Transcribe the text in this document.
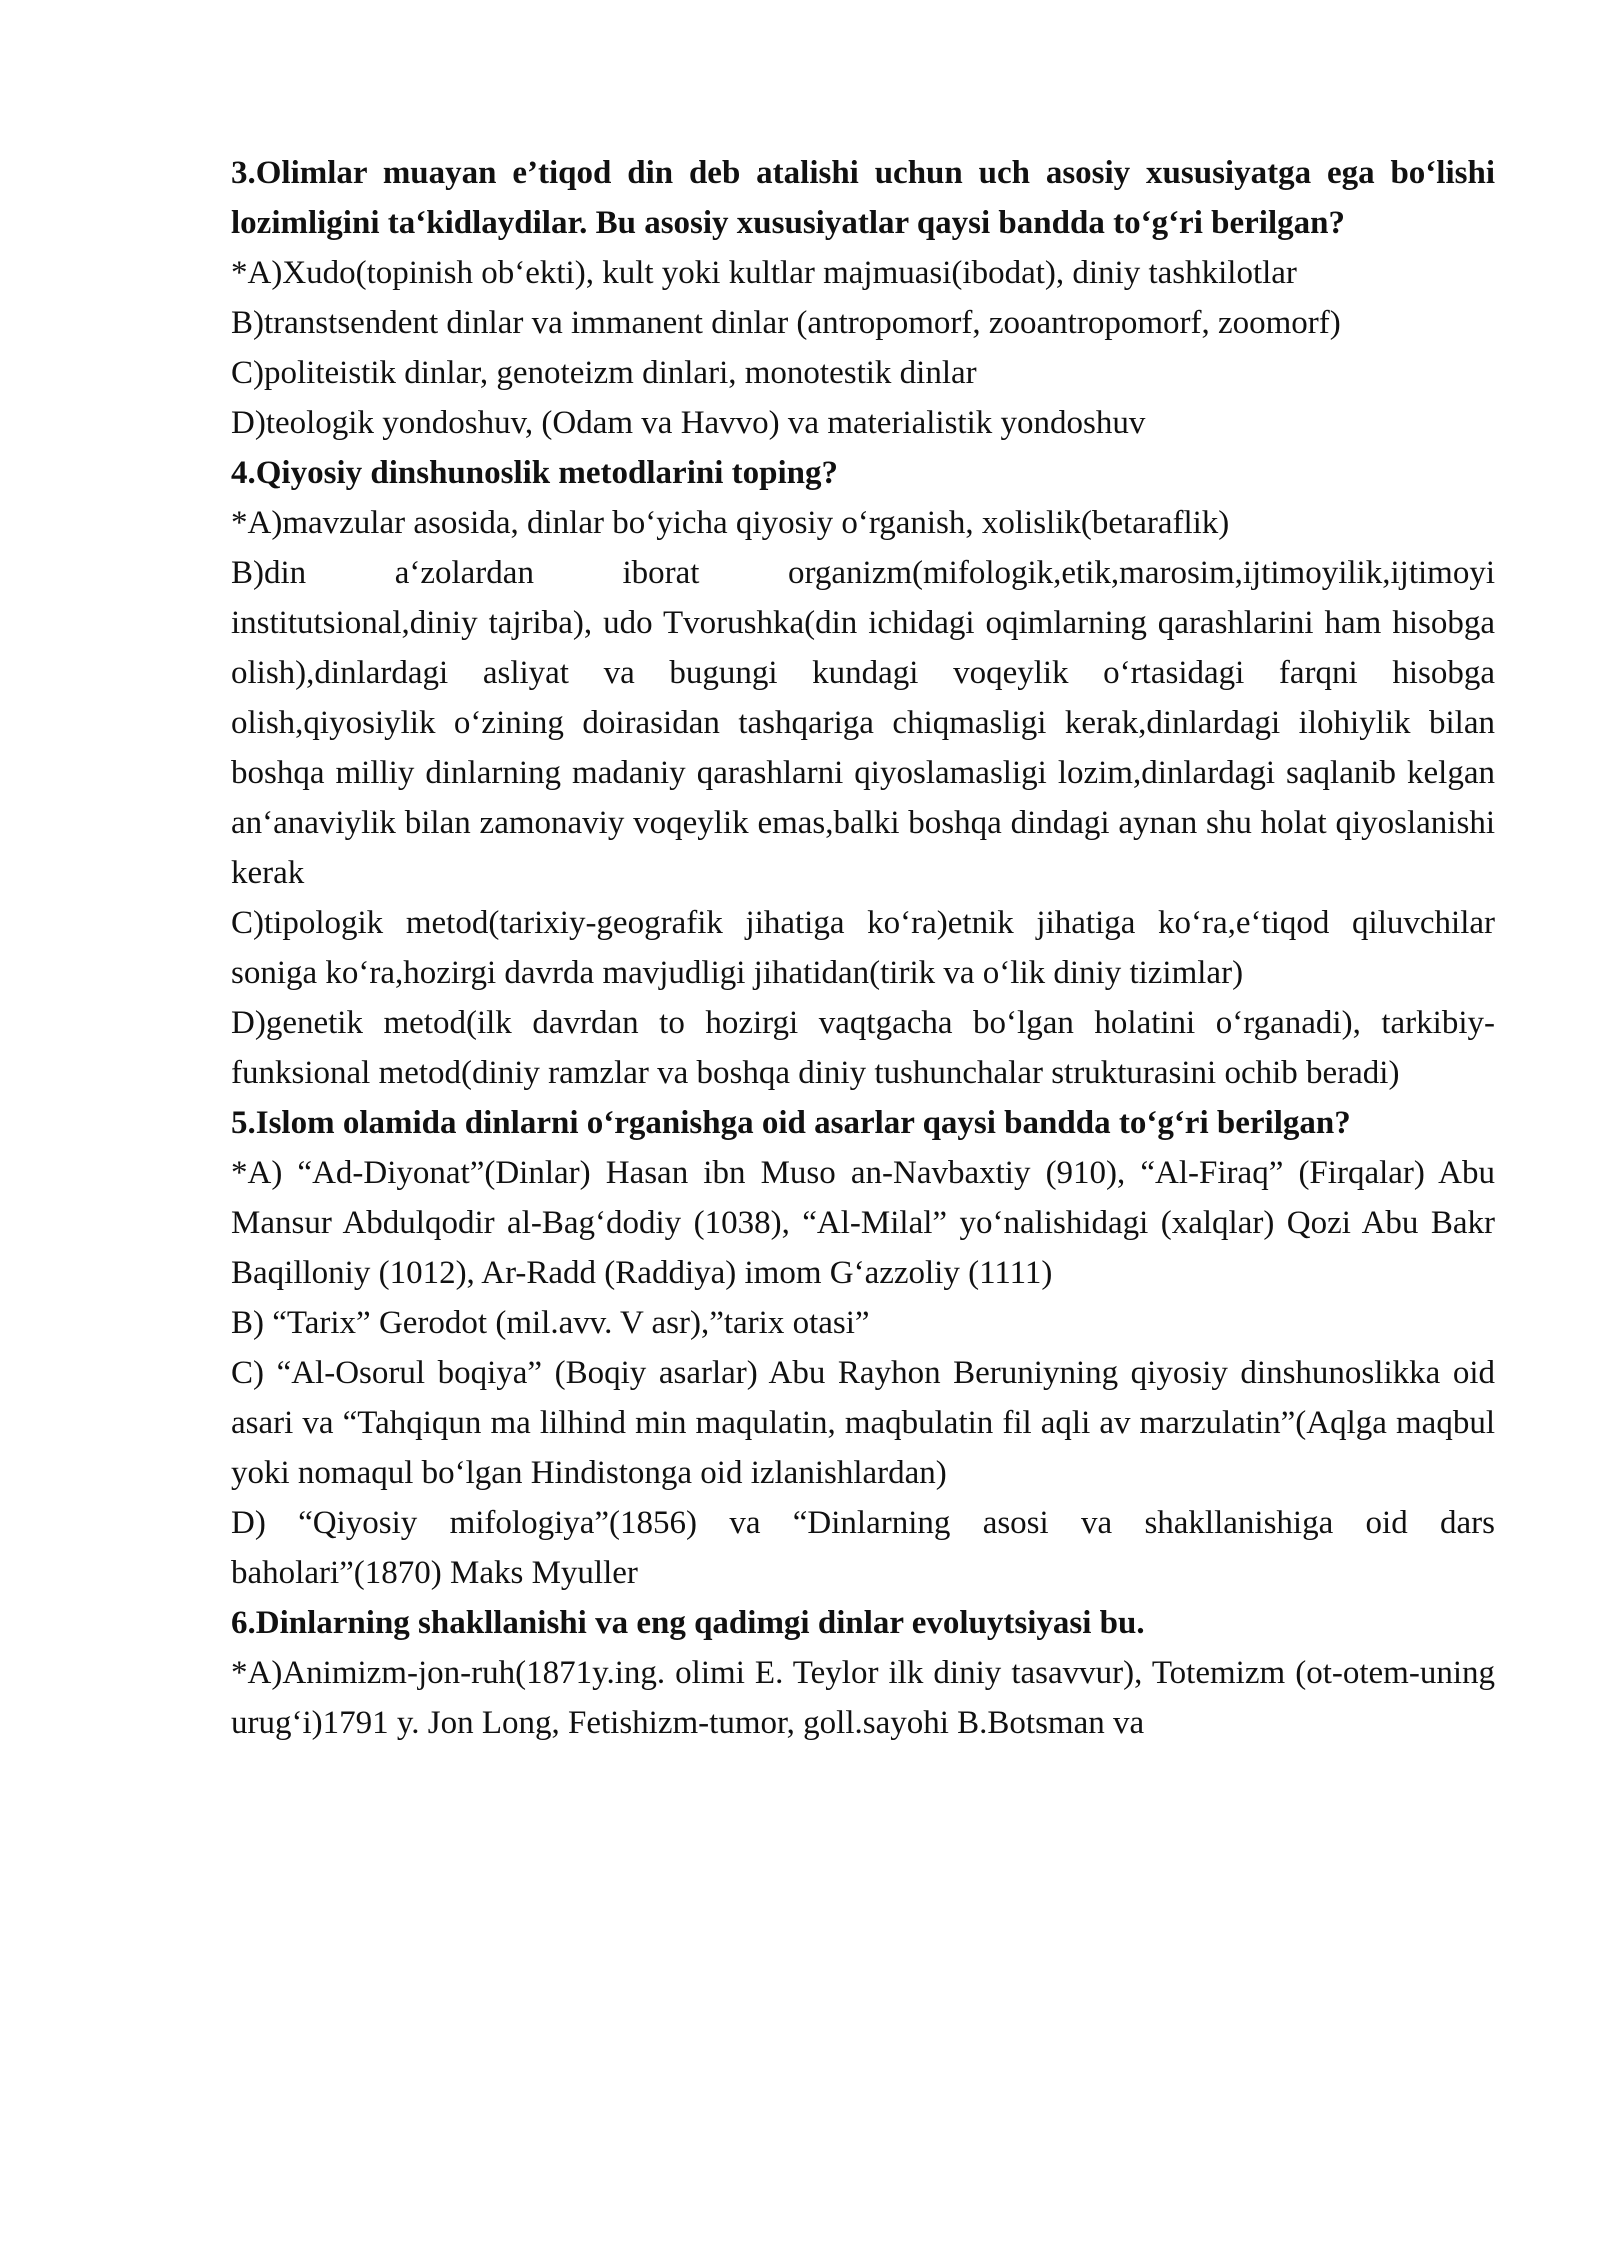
3.Olimlar muayan e’tiqod din deb atalishi uchun uch asosiy xususiyatga ega bo‘lishi lozimligini ta‘kidlaydilar. Bu asosiy xususiyatlar qaysi bandda to‘g‘ri berilgan?

*A)Xudo(topinish ob‘ekti), kult yoki kultlar majmuasi(ibodat), diniy tashkilotlar

B)transtsendent dinlar va immanent dinlar (antropomorf, zooantropomorf, zoomorf)

C)politeistik dinlar, genoteizm dinlari, monotestik dinlar

D)teologik yondoshuv, (Odam va Havvo) va materialistik yondoshuv

4.Qiyosiy dinshunoslik metodlarini toping?

*A)mavzular asosida, dinlar bo‘yicha qiyosiy o‘rganish, xolislik(betaraflik)

B)din a‘zolardan iborat organizm(mifologik,etik,marosim,ijtimoyilik,ijtimoyi institutsional,diniy tajriba), udo Tvorushka(din ichidagi oqimlarning qarashlarini ham hisobga olish),dinlardagi asliyat va bugungi kundagi voqeylik o‘rtasidagi farqni hisobga olish,qiyosiylik o‘zining doirasidan tashqariga chiqmasligi kerak,dinlardagi ilohiylik bilan boshqa milliy dinlarning madaniy qarashlarni qiyoslamasligi lozim,dinlardagi saqlanib kelgan an‘anaviylik bilan zamonaviy voqeylik emas,balki boshqa dindagi aynan shu holat qiyoslanishi kerak

C)tipologik metod(tarixiy-geografik jihatiga ko‘ra)etnik jihatiga ko‘ra,e‘tiqod qiluvchilar soniga ko‘ra,hozirgi davrda mavjudligi jihatidan(tirik va o‘lik diniy tizimlar)

D)genetik metod(ilk davrdan to hozirgi vaqtgacha bo‘lgan holatini o‘rganadi), tarkibiy-funksional metod(diniy ramzlar va boshqa diniy tushunchalar strukturasini ochib beradi)

5.Islom olamida dinlarni o‘rganishga oid asarlar qaysi bandda to‘g‘ri berilgan?

*A) “Ad-Diyonat”(Dinlar) Hasan ibn Muso an-Navbaxtiy (910), “Al-Firaq” (Firqalar) Abu Mansur Abdulqodir al-Bag‘dodiy (1038), “Al-Milal” yo‘nalishidagi (xalqlar) Qozi Abu Bakr Baqilloniy (1012), Ar-Radd (Raddiya) imom G‘azzoliy (1111)

B) “Tarix” Gerodot (mil.avv. V asr),”tarix otasi”

C) “Al-Osorul boqiya” (Boqiy asarlar) Abu Rayhon Beruniyning qiyosiy dinshunoslikka oid asari va “Tahqiqun ma lilhind min maqulatin, maqbulatin fil aqli av marzulatin”(Aqlga maqbul yoki nomaqul bo‘lgan Hindistonga oid izlanishlardan)

D) “Qiyosiy mifologiya”(1856) va “Dinlarning asosi va shakllanishiga oid dars baholari”(1870) Maks Myuller

6.Dinlarning shakllanishi va eng qadimgi dinlar evoluytsiyasi bu.

*A)Animizm-jon-ruh(1871y.ing. olimi E. Teylor ilk diniy tasavvur), Totemizm (ot-otem-uning urug‘i)1791 y. Jon Long, Fetishizm-tumor, goll.sayohi B.Botsman va
